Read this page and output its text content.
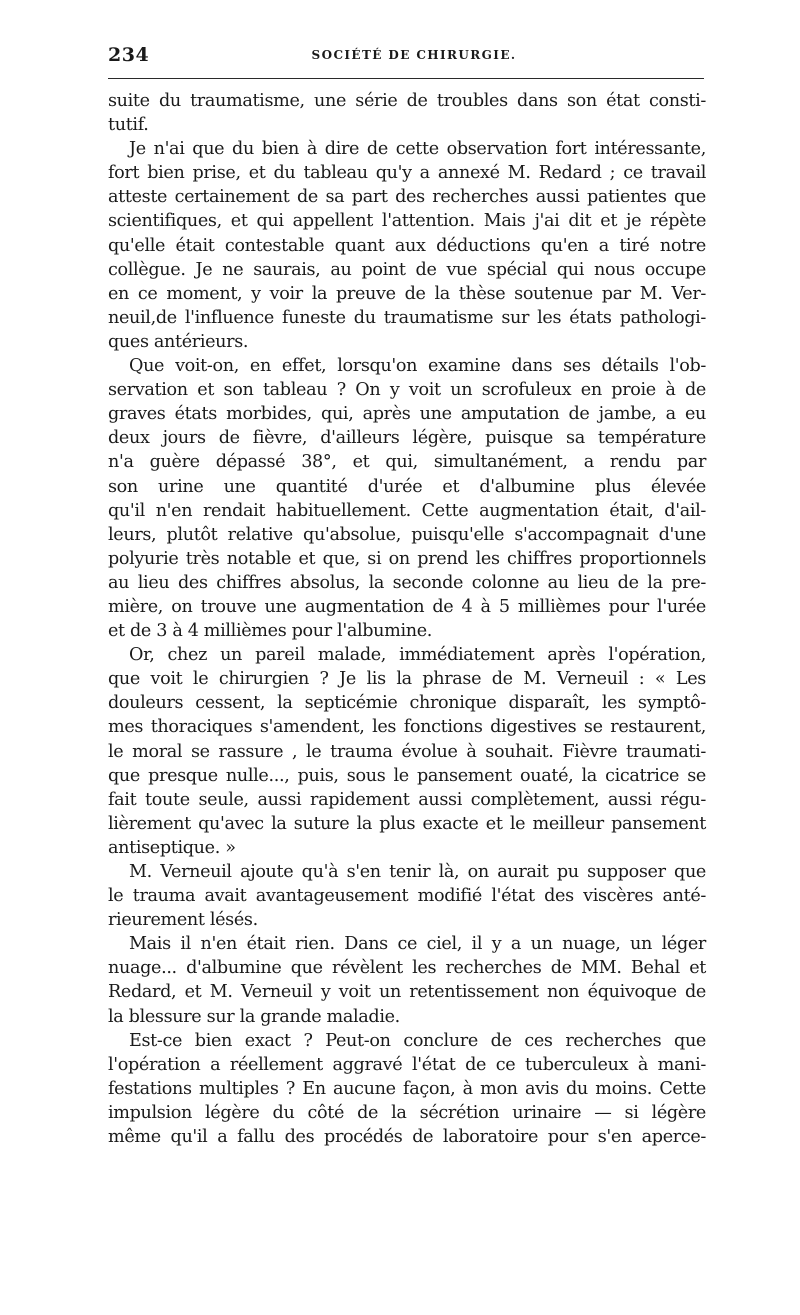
234	SOCIÉTÉ DE CHIRURGIE.
suite du traumatisme, une série de troubles dans son état consti-
tutif.
Je n'ai que du bien à dire de cette observation fort intéressante,
fort bien prise, et du tableau qu'y a annexé M. Redard ; ce travail
atteste certainement de sa part des recherches aussi patientes que
scientifiques, et qui appellent l'attention. Mais j'ai dit et je répète
qu'elle était contestable quant aux déductions qu'en a tiré notre
collègue. Je ne saurais, au point de vue spécial qui nous occupe
en ce moment, y voir la preuve de la thèse soutenue par M. Ver-
neuil,de l'influence funeste du traumatisme sur les états pathologi-
ques antérieurs.
Que voit-on, en effet, lorsqu'on examine dans ses détails l'ob-
servation et son tableau ? On y voit un scrofuleux en proie à de
graves états morbides, qui, après une amputation de jambe, a eu
deux jours de fièvre, d'ailleurs légère, puisque sa température
n'a guère dépassé 38°, et qui, simultanément, a rendu par
son urine une quantité d'urée et d'albumine plus élevée
qu'il n'en rendait habituellement. Cette augmentation était, d'ail-
leurs, plutôt relative qu'absolue, puisqu'elle s'accompagnait d'une
polyurie très notable et que, si on prend les chiffres proportionnels
au lieu des chiffres absolus, la seconde colonne au lieu de la pre-
mière, on trouve une augmentation de 4 à 5 millièmes pour l'urée
et de 3 à 4 millièmes pour l'albumine.
Or, chez un pareil malade, immédiatement après l'opération,
que voit le chirurgien ? Je lis la phrase de M. Verneuil : « Les
douleurs cessent, la septicémie chronique disparaît, les symptô-
mes thoraciques s'amendent, les fonctions digestives se restaurent,
le moral se rassure , le trauma évolue à souhait. Fièvre traumati-
que presque nulle..., puis, sous le pansement ouaté, la cicatrice se
fait toute seule, aussi rapidement aussi complètement, aussi régu-
lièrement qu'avec la suture la plus exacte et le meilleur pansement
antiseptique. »
M. Verneuil ajoute qu'à s'en tenir là, on aurait pu supposer que
le trauma avait avantageusement modifié l'état des viscères anté-
rieurement lésés.
Mais il n'en était rien. Dans ce ciel, il y a un nuage, un léger
nuage... d'albumine que révèlent les recherches de MM. Behal et
Redard, et M. Verneuil y voit un retentissement non équivoque de
la blessure sur la grande maladie.
Est-ce bien exact ? Peut-on conclure de ces recherches que
l'opération a réellement aggravé l'état de ce tuberculeux à mani-
festations multiples ? En aucune façon, à mon avis du moins. Cette
impulsion légère du côté de la sécrétion urinaire — si légère
même qu'il a fallu des procédés de laboratoire pour s'en aperce-
